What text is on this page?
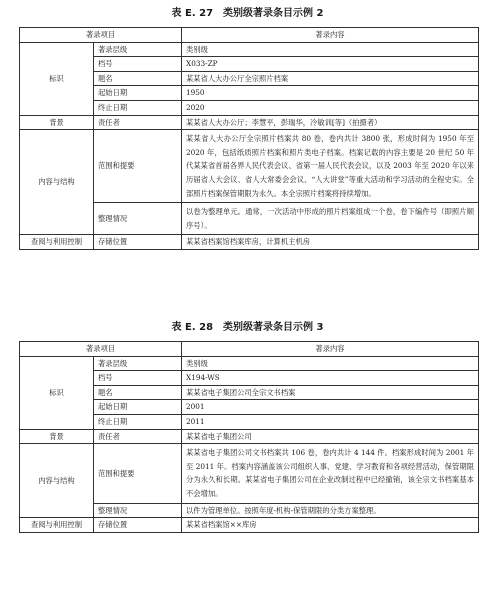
表 E. 27　类别级著录条目示例 2
著录项目		著录内容
标识	著录层级	类别级
	档号	X033-ZP
	题名	某某省人大办公厅全宗照片档案
	起始日期	1950
	终止日期	2020
背景	责任者	某某省人大办公厅；李慧平，彭瑞华，冷敏训[等]（拍摄者）
内容与结构	范围和提要	某某省人大办公厅全宗照片档案共 80 卷，卷内共计 3800 张，形成时间为 1950 年至 2020 年，包括纸质照片档案和照片类电子档案。档案记载的内容主要是 20 世纪 50 年代某某省首届各界人民代表会议、省第一届人民代表会议，以及 2003 年至 2020 年以来历届省人大会议、省人大常委会会议、“人大讲堂”等重大活动和学习活动的全程史实。全部照片档案保管期限为永久。本全宗照片档案将持续增加。
	整理情况	以卷为整理单元。通常，一次活动中形成的照片档案组成一个卷，卷下编件号（即照片顺序号）。
查阅与利用控制	存储位置	某某省档案馆档案库房，计算机主机房
表 E. 28　类别级著录条目示例 3
著录项目		著录内容
标识	著录层级	类别级
	档号	X194-WS
	题名	某某省电子集团公司全宗文书档案
	起始日期	2001
	终止日期	2011
背景	责任者	某某省电子集团公司
内容与结构	范围和提要	某某省电子集团公司文书档案共 106 卷，卷内共计 4 144 件。档案形成时间为 2001 年至 2011 年。档案内容涵盖该公司组织人事、党建、学习教育和各项经营活动，保管期限分为永久和长期。某某省电子集团公司在企业改制过程中已经撤销，该全宗文书档案基本不会增加。
	整理情况	以件为管理单位。按照年度-机构-保管期限的分类方案整理。
查阅与利用控制	存储位置	某某省档案馆××库房
